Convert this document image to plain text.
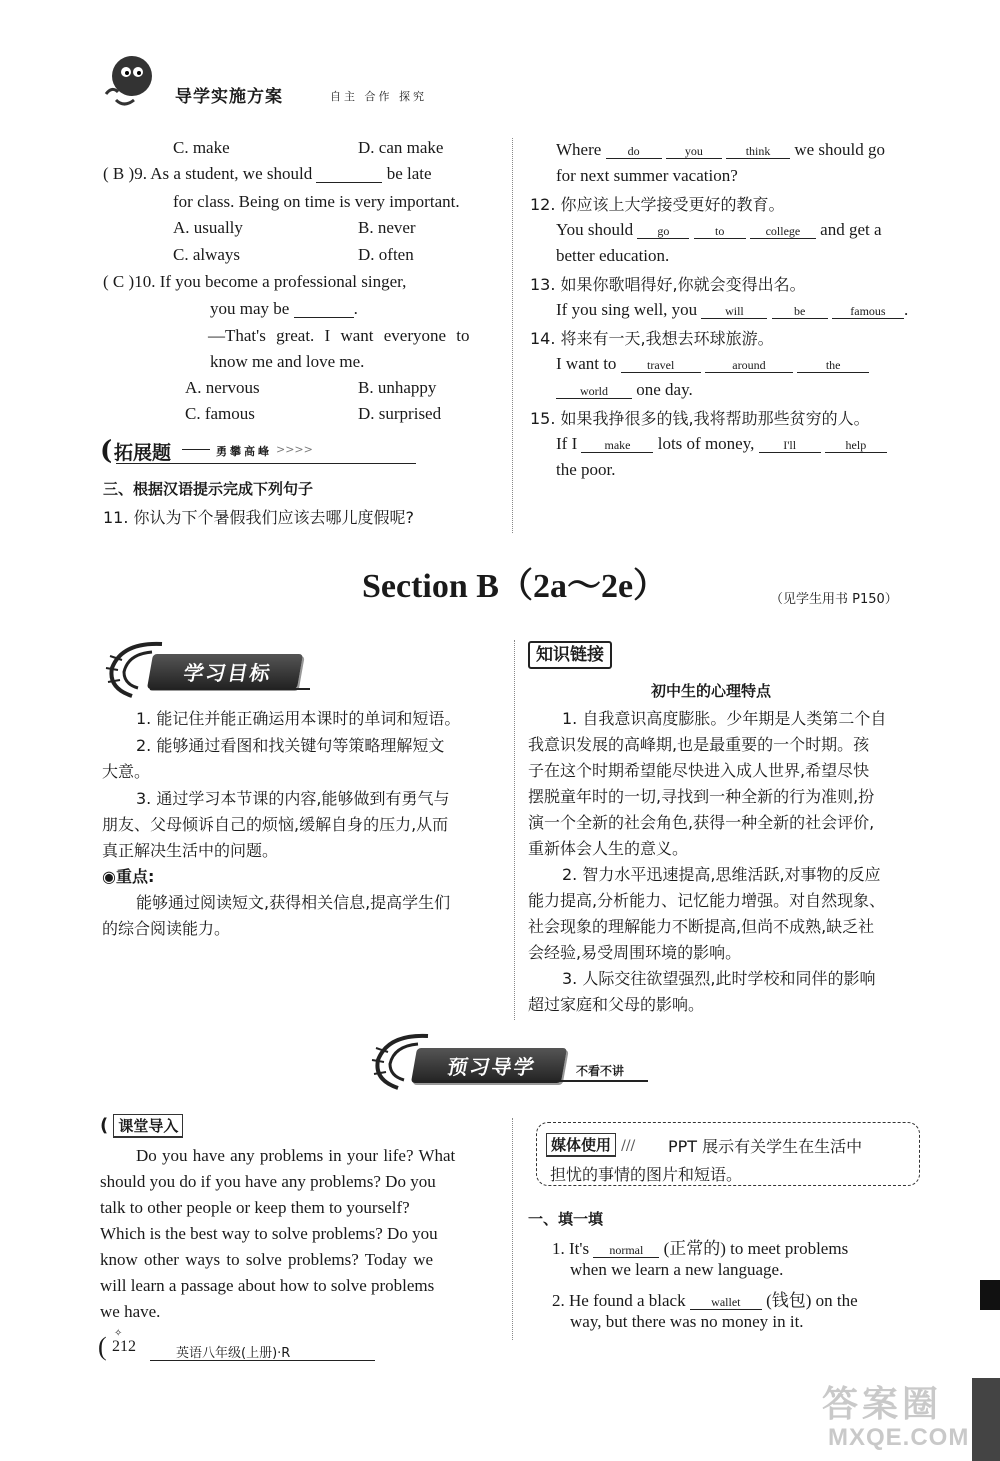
导学实施方案	自主 合作 探究
C. make	D. can make
( B )9. As a student, we should	be late
for class. Being on time is very important.
A. usually	B. never
C. always	D. often
( C )10. If you become a professional singer,
you may be	.
—That's great. I want everyone to
know me and love me.
A. nervous	B. unhappy
C. famous	D. surprised
( 拓展题	勇攀高峰 >>>>
三、根据汉语提示完成下列句子
11. 你认为下个暑假我们应该去哪儿度假呢?
Where do	you	think we should go
for next summer vacation?
12. 你应该上大学接受更好的教育。
You should go	to	college and get a
better education.
13. 如果你歌唱得好,你就会变得出名。
If you sing well, you will	be	famous .
14. 将来有一天,我想去环球旅游。
I want to	travel	around	the
world one day.
15. 如果我挣很多的钱,我将帮助那些贫穷的人。
If I make lots of money, I'll	help
the poor.
Section B（2a～2e）	（见学生用书 P150）
学习目标
1. 能记住并能正确运用本课时的单词和短语。
2. 能够通过看图和找关键句等策略理解短文
大意。
3. 通过学习本节课的内容,能够做到有勇气与
朋友、父母倾诉自己的烦恼,缓解自身的压力,从而
真正解决生活中的问题。
◉重点:
能够通过阅读短文,获得相关信息,提高学生们
的综合阅读能力。
知识链接
初中生的心理特点
1. 自我意识高度膨胀。少年期是人类第二个自
我意识发展的高峰期,也是最重要的一个时期。孩
子在这个时期希望能尽快进入成人世界,希望尽快
摆脱童年时的一切,寻找到一种全新的行为准则,扮
演一个全新的社会角色,获得一种全新的社会评价,
重新体会人生的意义。
2. 智力水平迅速提高,思维活跃,对事物的反应
能力提高,分析能力、记忆能力增强。对自然现象、
社会现象的理解能力不断提高,但尚不成熟,缺乏社
会经验,易受周围环境的影响。
3. 人际交往欲望强烈,此时学校和同伴的影响
超过家庭和父母的影响。
预习导学	不看不讲
( 课堂导入
Do you have any problems in your life? What
should you do if you have any problems? Do you
talk to other people or keep them to yourself?
Which is the best way to solve problems? Do you
know other ways to solve problems? Today we
will learn a passage about how to solve problems
we have.
媒体使用 /// PPT 展示有关学生在生活中
担忧的事情的图片和短语。
一、填一填
1. It's normal (正常的) to meet problems
when we learn a new language.
2. He found a black wallet (钱包) on the
way, but there was no money in it.
✧
212
(	英语八年级(上册)·R
答案圈
MXQE.COM
